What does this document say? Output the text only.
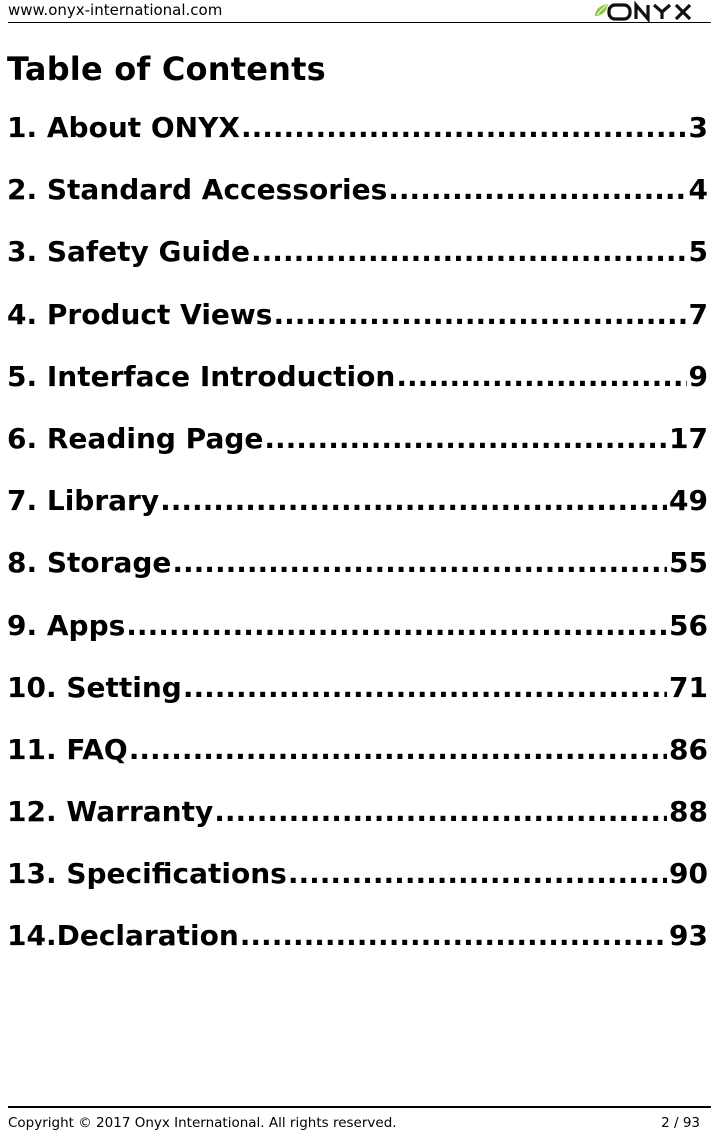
www.onyx-international.com
Table of Contents
1. About ONYX .....	3
2. Standard Accessories .....	4
3. Safety Guide .....	5
4. Product Views .....	7
5. Interface Introduction .....	9
6. Reading Page .....	17
7. Library .....	49
8. Storage .....	55
9. Apps .....	56
10. Setting .....	71
11. FAQ .....	86
12. Warranty .....	88
13. Specifications .....	90
14.Declaration .....	93
Copyright © 2017 Onyx International. All rights reserved.	2 / 93
